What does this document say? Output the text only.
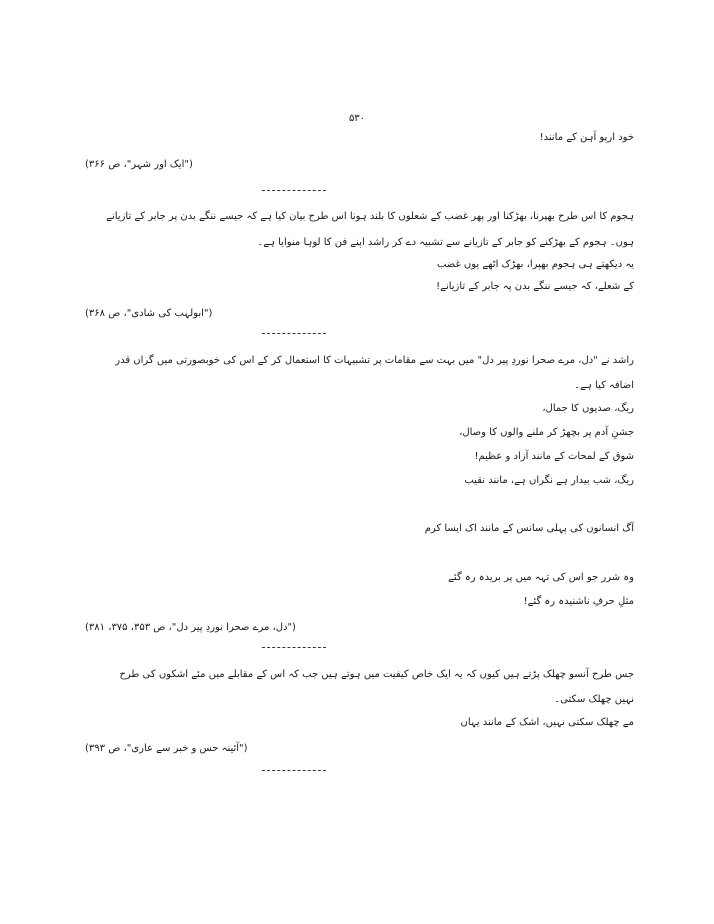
۵۳۰
خود ارپو آہن کے مانند!
("ایک اور شہر"، ص ۳۶۶)
ہجوم کا اس طرح بھپرنا، بھڑکنا اور پھر غضب کے شعلوں کا بلند ہونا اس طرح بیان کیا ہے کہ جیسے ننگے بدن پر جابر کے تازیانے
ہوں۔ ہجوم کے بھڑکنے کو جابر کے تازیانے سے تشبیہ دے کر راشد اپنے فن کا لوہا منوایا ہے۔
یہ دیکھتے ہی ہجوم بھپرا، بھڑک اٹھے یوں غضب
کے شعلے، کہ جیسے ننگے بدن پہ جابر کے تازیانے!
("ابولہب کی شادی"، ص ۳۶۸)
راشد نے "دل، مرے صحرا نوردِ پیر دل" میں بہت سے مقامات پر تشبیہات کا استعمال کر کے اس کی خوبصورتی میں گراں قدر
اضافہ کیا ہے۔
ریگ، صدیوں کا جمال،
جشنِ آدم پر بچھڑ کر ملنے والوں کا وصال،
شوق کے لمحات کے مانند آزاد و عظیم!
ریگ، شب بیدار ہے نگراں ہے، مانند نقیب
آگ انسانوں کی پہلی سانس کے مانند اک ایسا کرم
وہ شرر جو اس کی تہہ میں پر بریدہ رہ گئے
مثلِ حرفِ ناشنیدہ رہ گئے!
("دل، مرے صحرا نوردِ پیر دل"، ص ۳۵۳، ۳۷۵، ۳۸۱)
جس طرح آنسو چھلک پڑتے ہیں کیوں کہ یہ ایک خاص کیفیت میں ہوتے ہیں جب کہ اس کے مقابلے میں مئے اشکوں کی طرح
نہیں چھلک سکتی۔
مے چھلک سکتی نہیں، اشک کے مانند یہاں
("آئینہ حس و خبر سے عاری"، ص ۳۹۳)
